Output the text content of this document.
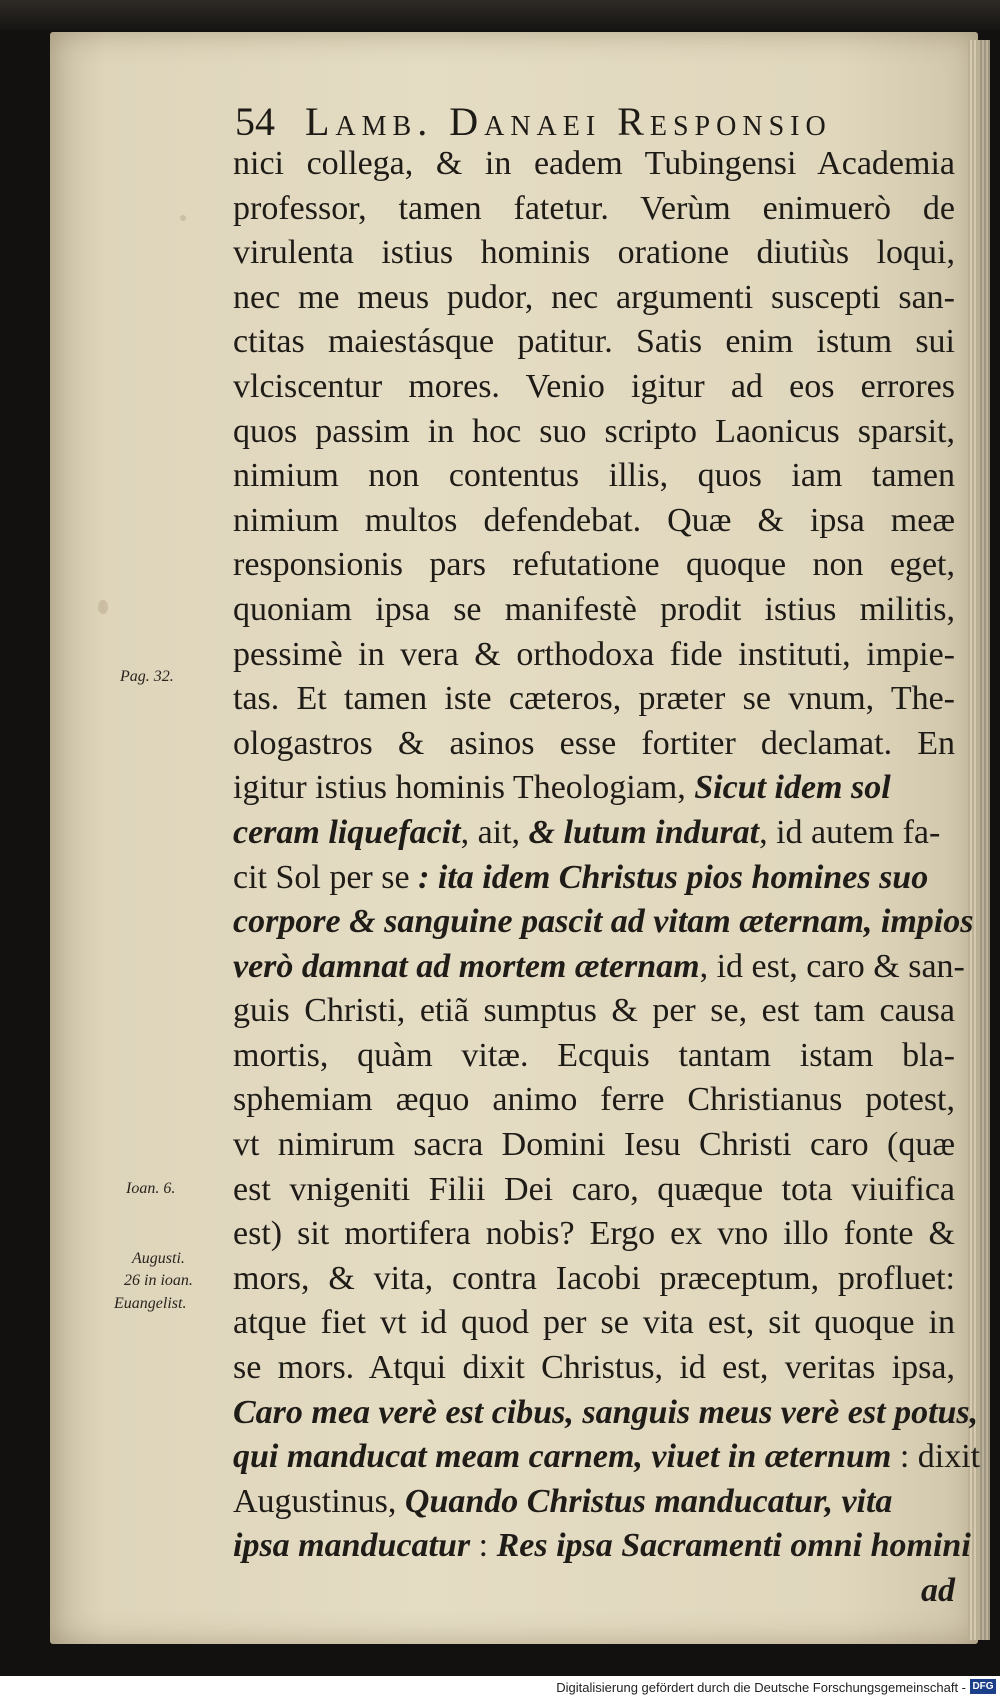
54 Lamb. Danaei Responsio
nici collega, & in eadem Tubingensi Academia
professor, tamen fatetur. Verùm enimuerò de
virulenta istius hominis oratione diutiùs loqui,
nec me meus pudor, nec argumenti suscepti san-
ctitas maiestásque patitur. Satis enim istum sui
vlciscentur mores. Venio igitur ad eos errores
quos passim in hoc suo scripto Laonicus sparsit,
nimium non contentus illis, quos iam tamen
nimium multos defendebat. Quæ & ipsa meæ
responsionis pars refutatione quoque non eget,
quoniam ipsa se manifestè prodit istius militis,
pessimè in vera & orthodoxa fide instituti, impie-
tas. Et tamen iste cæteros, præter se vnum, The-
ologastros & asinos esse fortiter declamat. En
igitur istius hominis Theologiam, Sicut idem sol
ceram liquefacit, ait, & lutum indurat, id autem fa-
cit Sol per se : ita idem Christus pios homines suo
corpore & sanguine pascit ad vitam æternam, impios
verò damnat ad mortem æternam, id est, caro & san-
guis Christi, etiã sumptus & per se, est tam causa
mortis, quàm vitæ. Ecquis tantam istam bla-
sphemiam æquo animo ferre Christianus potest,
vt nimirum sacra Domini Iesu Christi caro (quæ
est vnigeniti Filii Dei caro, quæque tota viuifica
est) sit mortifera nobis? Ergo ex vno illo fonte &
mors, & vita, contra Iacobi præceptum, profluet:
atque fiet vt id quod per se vita est, sit quoque in
se mors. Atqui dixit Christus, id est, veritas ipsa,
Caro mea verè est cibus, sanguis meus verè est potus,
qui manducat meam carnem, viuet in æternum : dixit
Augustinus, Quando Christus manducatur, vita
ipsa manducatur : Res ipsa Sacramenti omni homini
ad
Pag. 32.
Ioan. 6.
Augusti.
26 in ioan.
Euangelist.
Digitalisierung gefördert durch die Deutsche Forschungsgemeinschaft - DFG
